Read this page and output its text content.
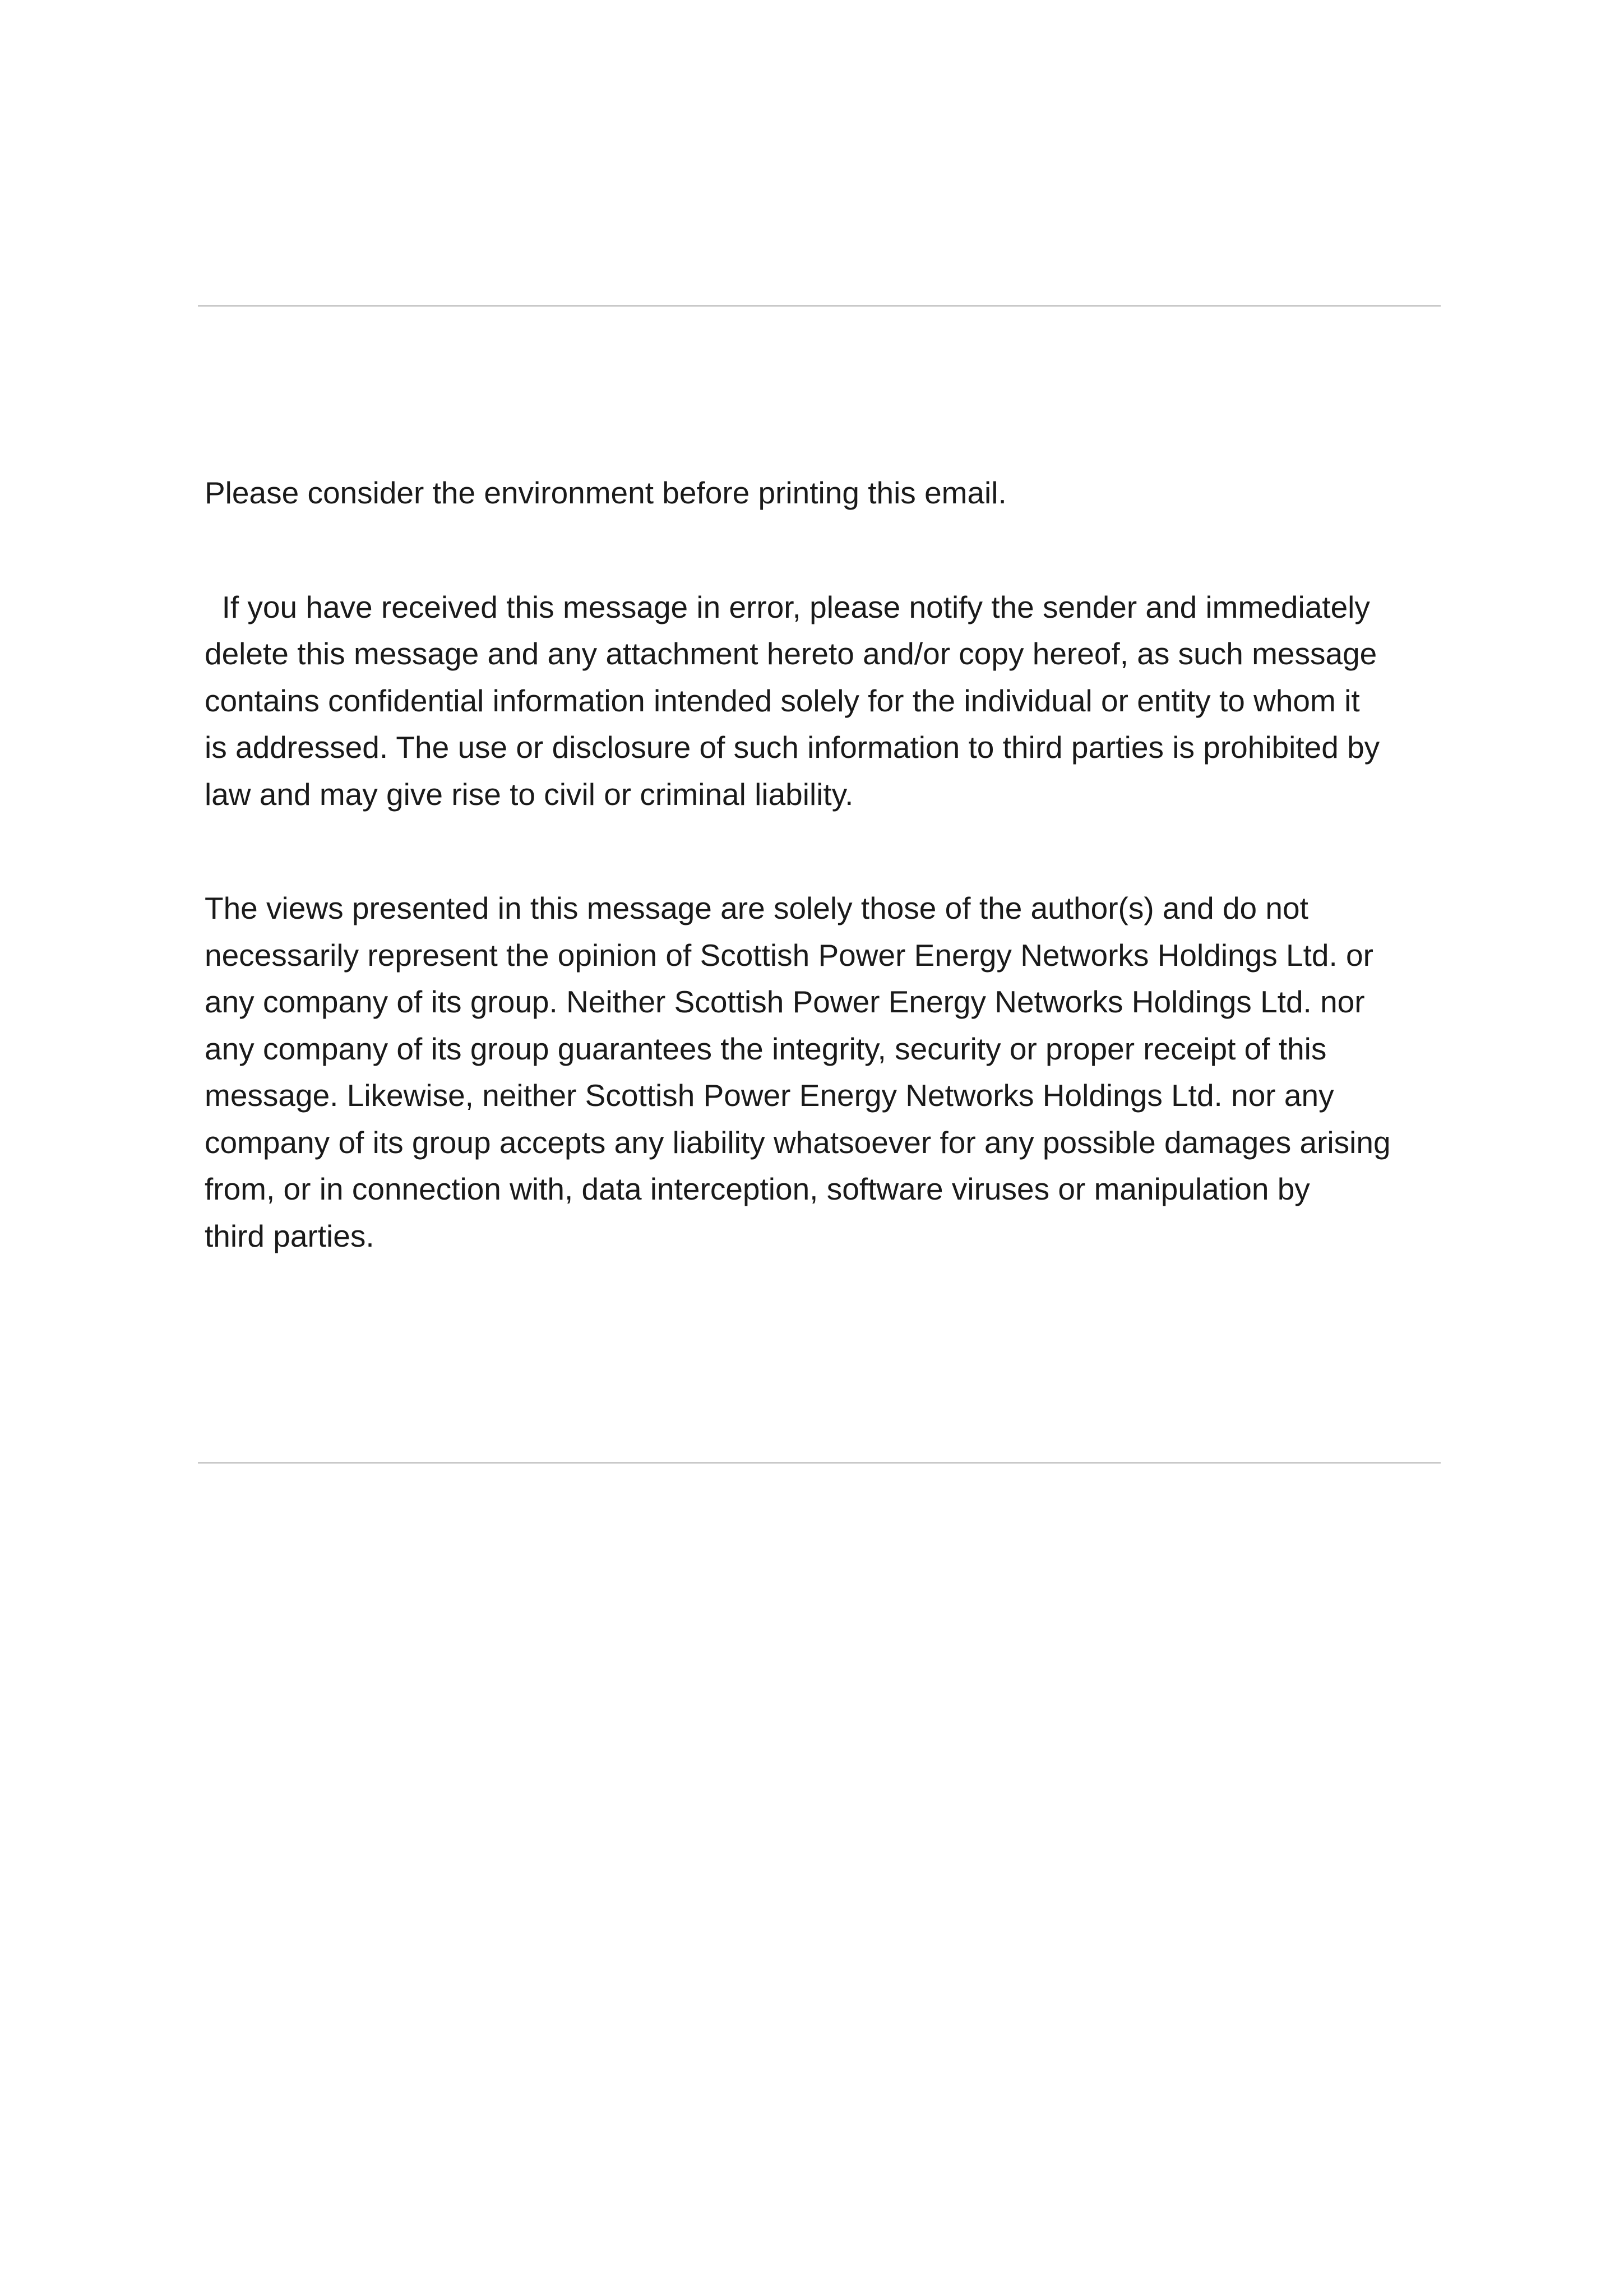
Please consider the environment before printing this email.

If you have received this message in error, please notify the sender and immediately
delete this message and any attachment hereto and/or copy hereof, as such message
contains confidential information intended solely for the individual or entity to whom it
is addressed. The use or disclosure of such information to third parties is prohibited by
law and may give rise to civil or criminal liability.

The views presented in this message are solely those of the author(s) and do not
necessarily represent the opinion of Scottish Power Energy Networks Holdings Ltd. or
any company of its group. Neither Scottish Power Energy Networks Holdings Ltd. nor
any company of its group guarantees the integrity, security or proper receipt of this
message. Likewise, neither Scottish Power Energy Networks Holdings Ltd. nor any
company of its group accepts any liability whatsoever for any possible damages arising
from, or in connection with, data interception, software viruses or manipulation by
third parties.
